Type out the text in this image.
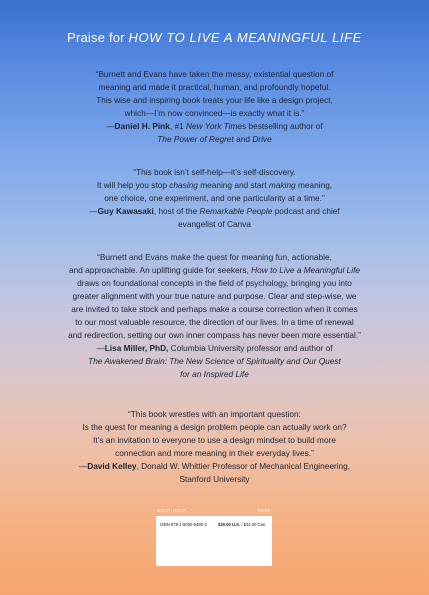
Praise for HOW TO LIVE A MEANINGFUL LIFE

“Burnett and Evans have taken the messy, existential question of

meaning and made it practical, human, and profoundly hopeful.

This wise and inspiring book treats your life like a design project,

which—I’m now convinced—is exactly what it is.”

—Daniel H. Pink, #1 New York Times bestselling author of

The Power of Regret and Drive

“This book isn’t self-help—it’s self-discovery.

It will help you stop chasing meaning and start making meaning,

one choice, one experiment, and one particularity at a time.”

—Guy Kawasaki, host of the Remarkable People podcast and chief

evangelist of Canva

“Burnett and Evans make the quest for meaning fun, actionable,

and approachable. An uplifting guide for seekers, How to Live a Meaningful Life

draws on foundational concepts in the field of psychology, bringing you into

greater alignment with your true nature and purpose. Clear and step-wise, we

are invited to take stock and perhaps make a course correction when it comes

to our most valuable resource, the direction of our lives. In a time of renewal

and redirection, setting our own inner compass has never been more essential.”

—Lisa Miller, PhD, Columbia University professor and author of

The Awakened Brain: The New Science of Spirituality and Our Quest

for an Inspired Life

“This book wrestles with an important question:

Is the quest for meaning a design problem people can actually work on?

It’s an invitation to everyone to use a design mindset to build more

connection and more meaning in their everyday lives.”

—David Kelley, Donald W. Whittier Professor of Mechanical Engineering,

Stanford University

SELF-HELP	8226
ISBN 978-1-9000-9480-2	$30.00 U.S. / $42.00 Can.
